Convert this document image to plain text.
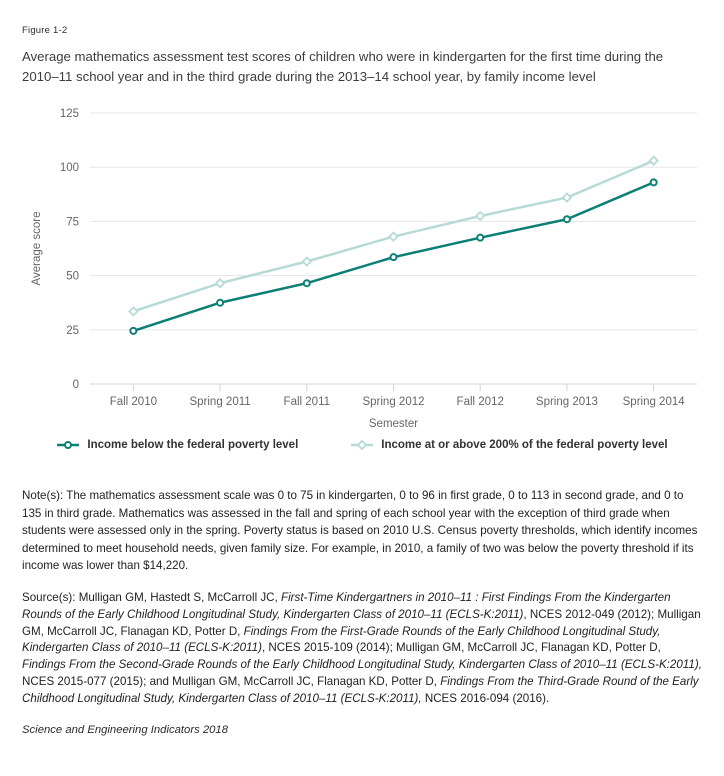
Figure 1-2
Average mathematics assessment test scores of children who were in kindergarten for the first time during the 2010–11 school year and in the third grade during the 2013–14 school year, by family income level
0
25
50
75
100
125
Fall 2010	Spring 2011	Fall 2011	Spring 2012	Fall 2012	Spring 2013 Spring 2014
Average score
Semester
Income below the federal poverty level	Income at or above 200% of the federal poverty level

Note(s): The mathematics assessment scale was 0 to 75 in kindergarten, 0 to 96 in first grade, 0 to 113 in second grade, and 0 to 135 in third grade. Mathematics was assessed in the fall and spring of each school year with the exception of third grade when students were assessed only in the spring. Poverty status is based on 2010 U.S. Census poverty thresholds, which identify incomes determined to meet household needs, given family size. For example, in 2010, a family of two was below the poverty threshold if its income was lower than $14,220.

Source(s): Mulligan GM, Hastedt S, McCarroll JC, First-Time Kindergartners in 2010–11 : First Findings From the Kindergarten Rounds of the Early Childhood Longitudinal Study, Kindergarten Class of 2010–11 (ECLS-K:2011), NCES 2012-049 (2012); Mulligan GM, McCarroll JC, Flanagan KD, Potter D, Findings From the First-Grade Rounds of the Early Childhood Longitudinal Study, Kindergarten Class of 2010–11 (ECLS-K:2011), NCES 2015-109 (2014); Mulligan GM, McCarroll JC, Flanagan KD, Potter D, Findings From the Second-Grade Rounds of the Early Childhood Longitudinal Study, Kindergarten Class of 2010–11 (ECLS-K:2011), NCES 2015-077 (2015); and Mulligan GM, McCarroll JC, Flanagan KD, Potter D, Findings From the Third-Grade Round of the Early Childhood Longitudinal Study, Kindergarten Class of 2010–11 (ECLS-K:2011), NCES 2016-094 (2016).

Science and Engineering Indicators 2018
